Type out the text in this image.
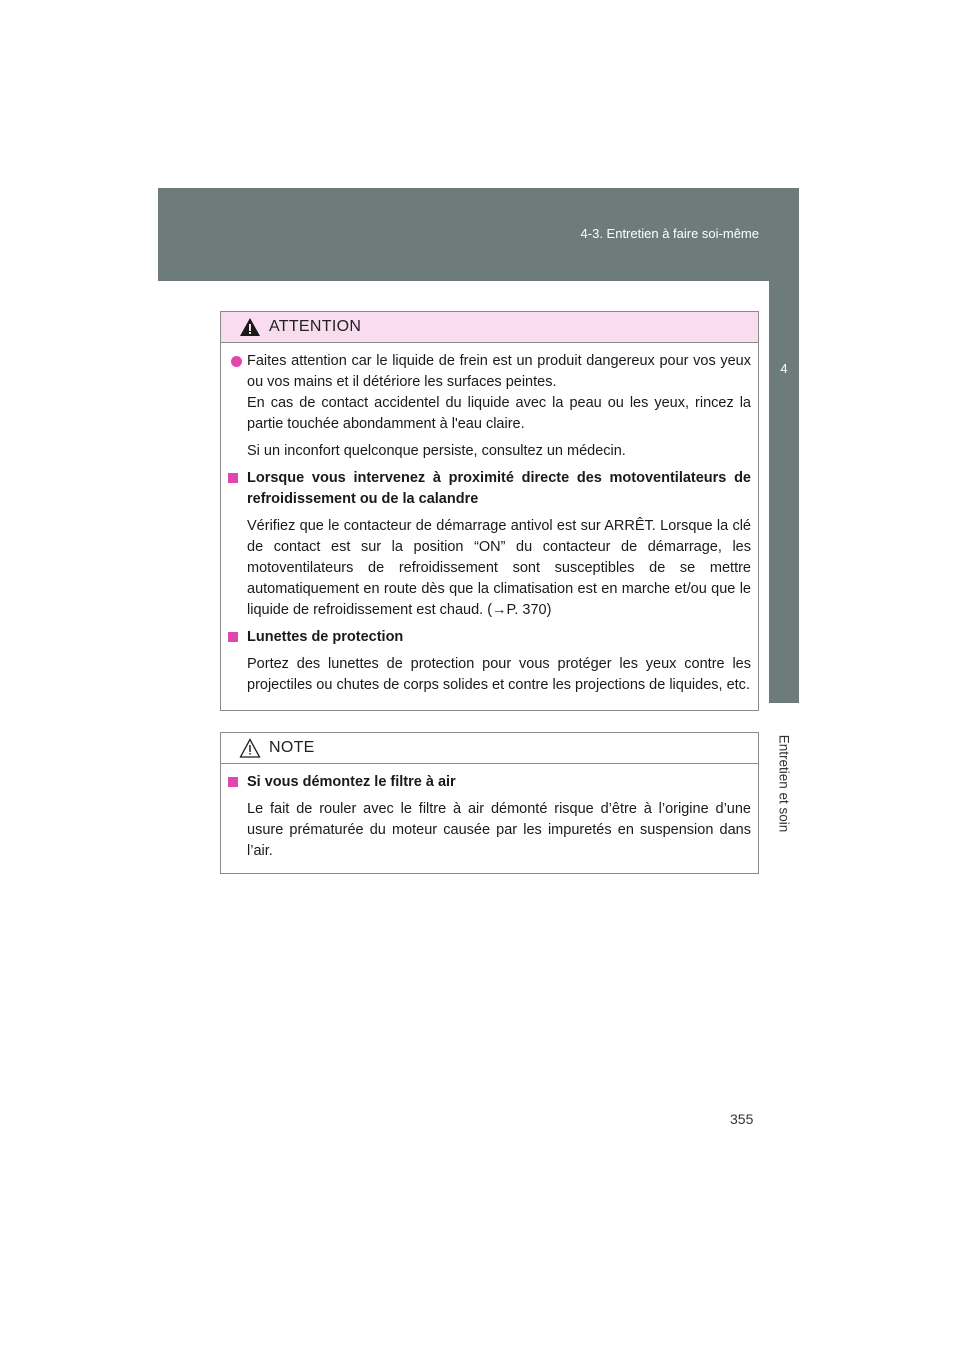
4-3. Entretien à faire soi-même
4
Entretien et soin
ATTENTION

Faites attention car le liquide de frein est un produit dangereux pour vos yeux ou vos mains et il détériore les surfaces peintes.

En cas de contact accidentel du liquide avec la peau ou les yeux, rincez la partie touchée abondamment à l'eau claire.

Si un inconfort quelconque persiste, consultez un médecin.

Lorsque vous intervenez à proximité directe des motoventilateurs de refroidissement ou de la calandre

Vérifiez que le contacteur de démarrage antivol est sur ARRÊT. Lorsque la clé de contact est sur la position “ON” du contacteur de démarrage, les motoventilateurs de refroidissement sont susceptibles de se mettre automatiquement en route dès que la climatisation est en marche et/ou que le liquide de refroidissement est chaud. (→P. 370)

Lunettes de protection

Portez des lunettes de protection pour vous protéger les yeux contre les projectiles ou chutes de corps solides et contre les projections de liquides, etc.

NOTE

Si vous démontez le filtre à air

Le fait de rouler avec le filtre à air démonté risque d’être à l’origine d’une usure prématurée du moteur causée par les impuretés en suspension dans l’air.

355
